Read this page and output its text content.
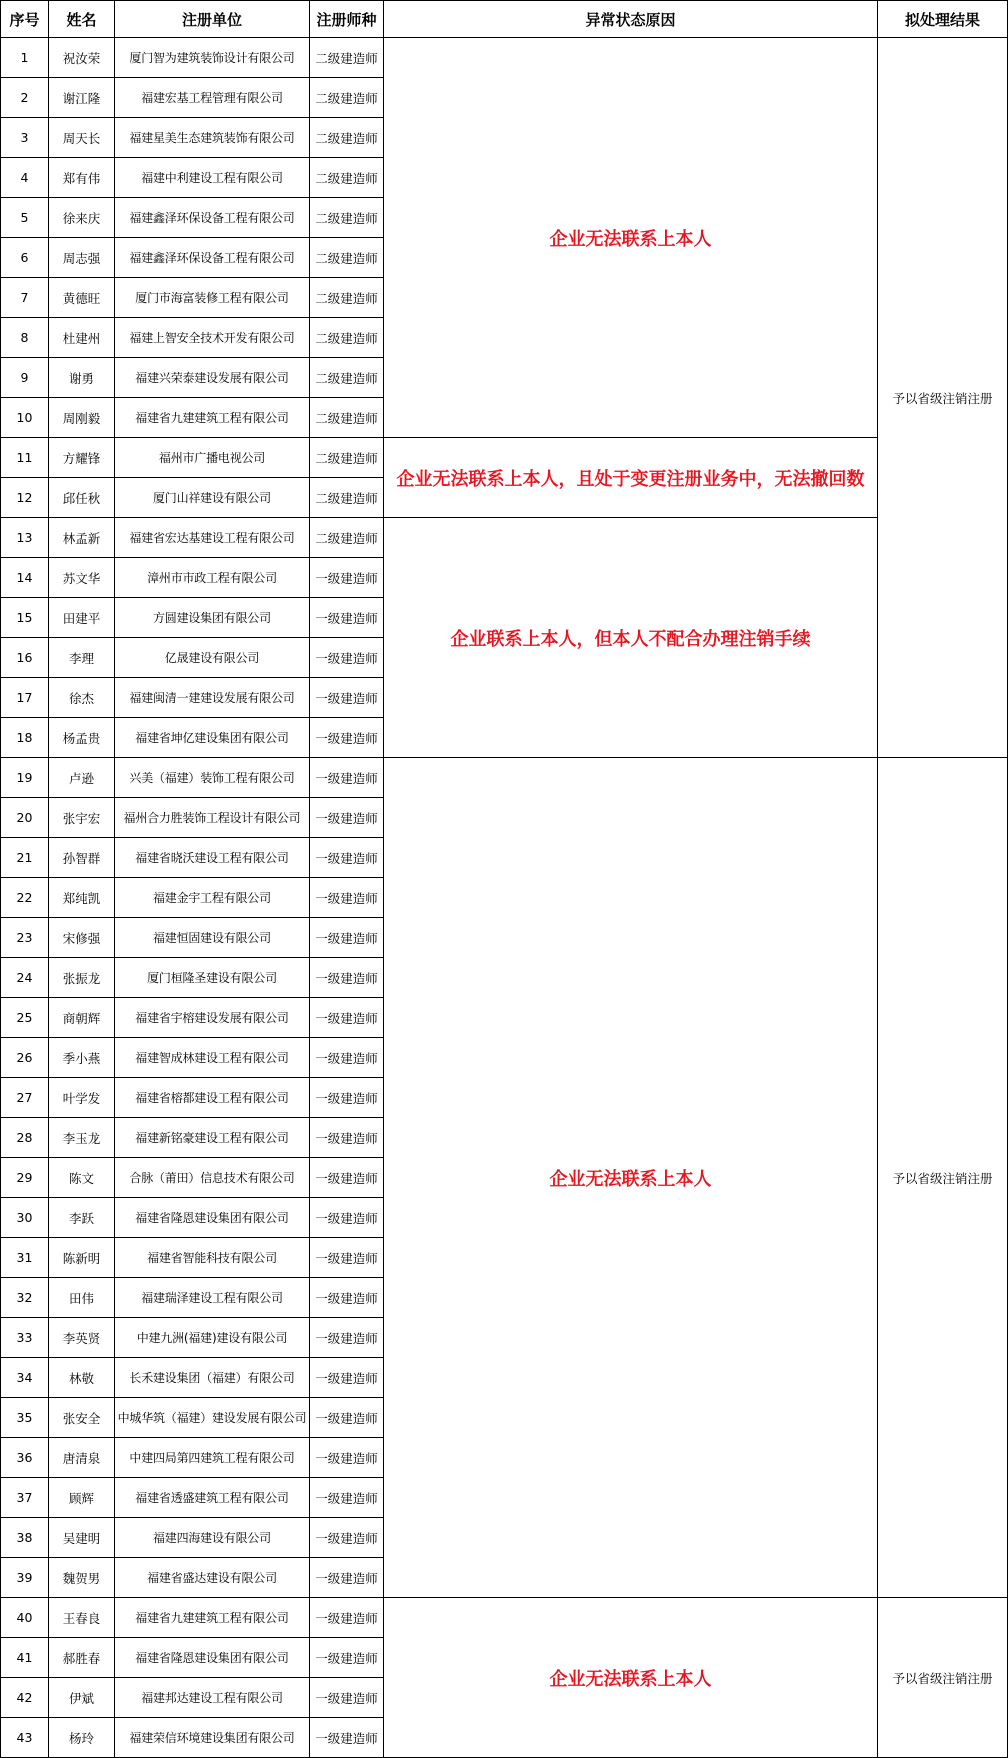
序号	姓名	注册单位	注册师种	异常状态原因	拟处理结果
1	祝汝荣	厦门智为建筑装饰设计有限公司	二级建造师	企业无法联系上本人	予以省级注销注册
2	谢江隆	福建宏基工程管理有限公司	二级建造师		
3	周天长	福建星美生态建筑装饰有限公司	二级建造师		
4	郑有伟	福建中利建设工程有限公司	二级建造师		
5	徐来庆	福建鑫泽环保设备工程有限公司	二级建造师		
6	周志强	福建鑫泽环保设备工程有限公司	二级建造师		
7	黄德旺	厦门市海富装修工程有限公司	二级建造师		
8	杜建州	福建上智安全技术开发有限公司	二级建造师		
9	谢勇	福建兴荣泰建设发展有限公司	二级建造师		
10	周刚毅	福建省九建建筑工程有限公司	二级建造师		
11	方耀锋	福州市广播电视公司	二级建造师	企业无法联系上本人，且处于变更注册业务中，无法撤回数	
12	邱任秋	厦门山祥建设有限公司	二级建造师		
13	林孟新	福建省宏达基建设工程有限公司	二级建造师	企业联系上本人，但本人不配合办理注销手续	
14	苏文华	漳州市市政工程有限公司	一级建造师		
15	田建平	方圆建设集团有限公司	一级建造师		
16	李理	亿晟建设有限公司	一级建造师		
17	徐杰	福建闽清一建建设发展有限公司	一级建造师		
18	杨孟贵	福建省坤亿建设集团有限公司	一级建造师		
19	卢逊	兴美（福建）装饰工程有限公司	一级建造师	企业无法联系上本人	予以省级注销注册
20	张宇宏	福州合力胜装饰工程设计有限公司	一级建造师		
21	孙智群	福建省晓沃建设工程有限公司	一级建造师		
22	郑纯凯	福建金宇工程有限公司	一级建造师		
23	宋修强	福建恒固建设有限公司	一级建造师		
24	张振龙	厦门桓隆圣建设有限公司	一级建造师		
25	商朝辉	福建省宇榕建设发展有限公司	一级建造师		
26	季小燕	福建智成林建设工程有限公司	一级建造师		
27	叶学发	福建省榕都建设工程有限公司	一级建造师		
28	李玉龙	福建新铭豪建设工程有限公司	一级建造师		
29	陈文	合脉（莆田）信息技术有限公司	一级建造师		
30	李跃	福建省隆恩建设集团有限公司	一级建造师		
31	陈新明	福建省智能科技有限公司	一级建造师		
32	田伟	福建瑞泽建设工程有限公司	一级建造师		
33	李英贤	中建九洲(福建)建设有限公司	一级建造师		
34	林敬	长禾建设集团（福建）有限公司	一级建造师		
35	张安全	中城华筑（福建）建设发展有限公司	一级建造师		
36	唐清泉	中建四局第四建筑工程有限公司	一级建造师		
37	顾辉	福建省透盛建筑工程有限公司	一级建造师		
38	吴建明	福建四海建设有限公司	一级建造师		
39	魏贺男	福建省盛达建设有限公司	一级建造师		
40	王春良	福建省九建建筑工程有限公司	一级建造师	企业无法联系上本人	予以省级注销注册
41	郝胜春	福建省隆恩建设集团有限公司	一级建造师		
42	伊斌	福建邦达建设工程有限公司	一级建造师		
43	杨玲	福建荣信环境建设集团有限公司	一级建造师		
